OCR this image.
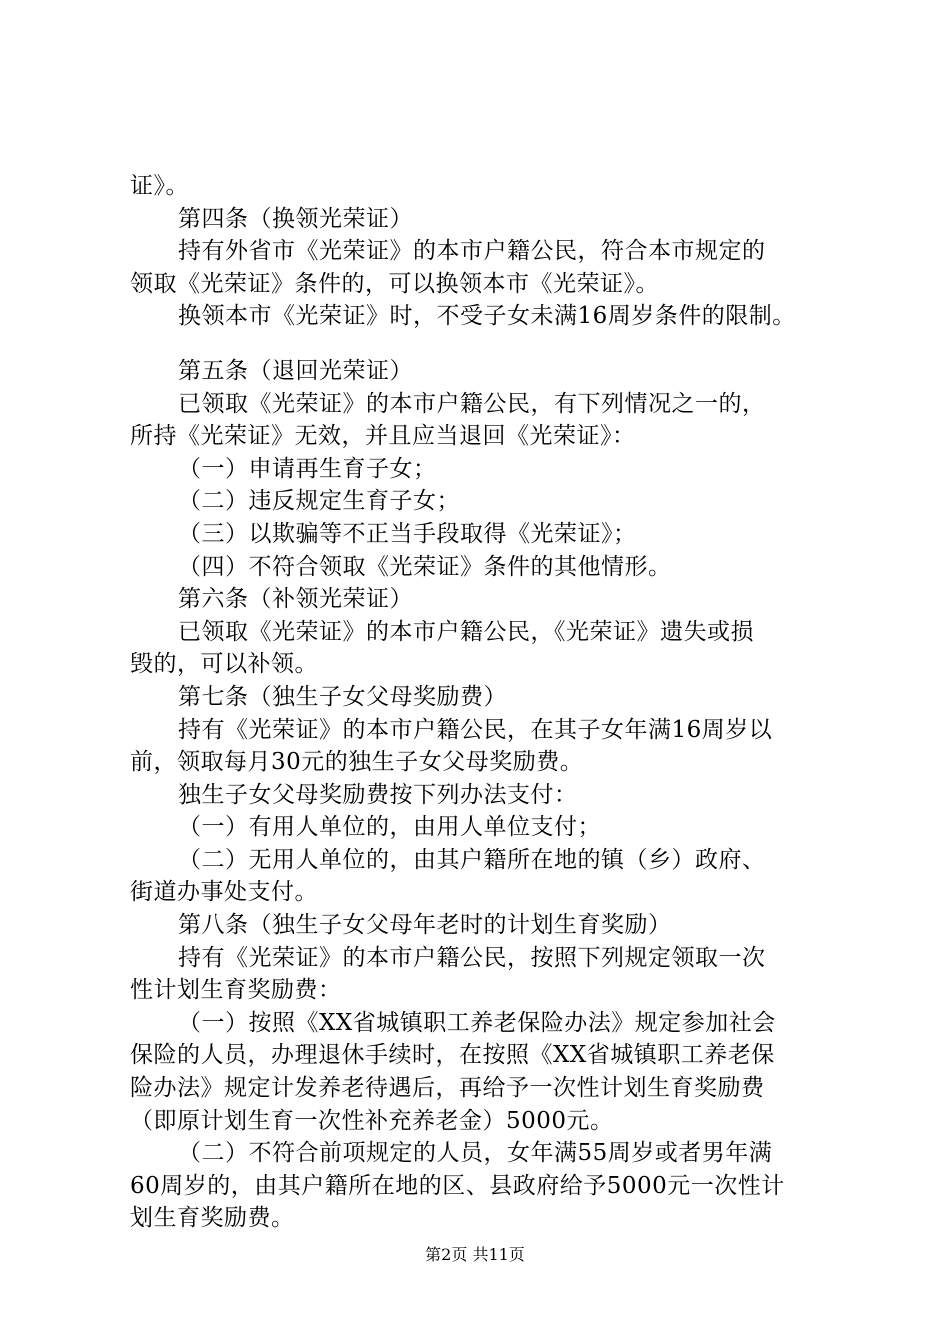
证》。
第四条（换领光荣证）
持有外省市《光荣证》的本市户籍公民，符合本市规定的
领取《光荣证》条件的，可以换领本市《光荣证》。
换领本市《光荣证》时，不受子女未满16周岁条件的限制。
第五条（退回光荣证）
已领取《光荣证》的本市户籍公民，有下列情况之一的，
所持《光荣证》无效，并且应当退回《光荣证》：
（一）申请再生育子女；
（二）违反规定生育子女；
（三）以欺骗等不正当手段取得《光荣证》；
（四）不符合领取《光荣证》条件的其他情形。
第六条（补领光荣证）
已领取《光荣证》的本市户籍公民，《光荣证》遗失或损
毁的，可以补领。
第七条（独生子女父母奖励费）
持有《光荣证》的本市户籍公民，在其子女年满16周岁以
前，领取每月30元的独生子女父母奖励费。
独生子女父母奖励费按下列办法支付：
（一）有用人单位的，由用人单位支付；
（二）无用人单位的，由其户籍所在地的镇（乡）政府、
街道办事处支付。
第八条（独生子女父母年老时的计划生育奖励）
持有《光荣证》的本市户籍公民，按照下列规定领取一次
性计划生育奖励费：
（一）按照《XX省城镇职工养老保险办法》规定参加社会
保险的人员，办理退休手续时，在按照《XX省城镇职工养老保
险办法》规定计发养老待遇后，再给予一次性计划生育奖励费
（即原计划生育一次性补充养老金）5000元。
（二）不符合前项规定的人员，女年满55周岁或者男年满
60周岁的，由其户籍所在地的区、县政府给予5000元一次性计
划生育奖励费。
第2页 共11页
